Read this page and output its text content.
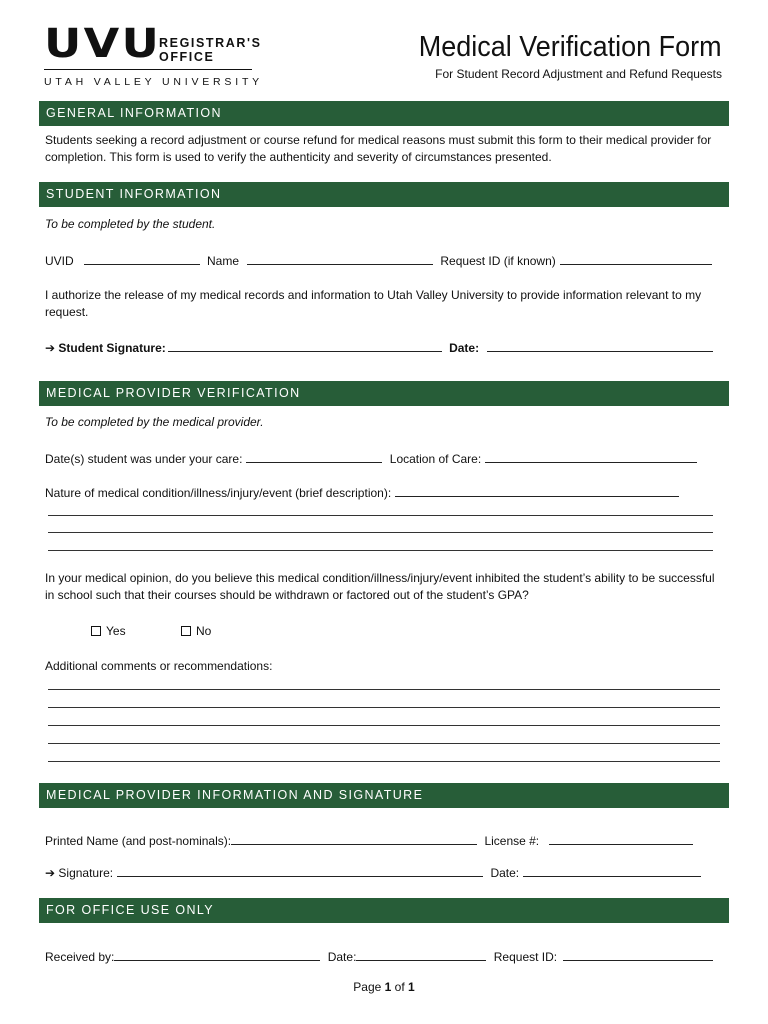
UVU
REGISTRAR'S
OFFICE
UTAH VALLEY UNIVERSITY
Medical Verification Form
For Student Record Adjustment and Refund Requests
GENERAL INFORMATION
Students seeking a record adjustment or course refund for medical reasons must submit this form to their medical provider for completion. This form is used to verify the authenticity and severity of circumstances presented.
STUDENT INFORMATION
To be completed by the student.
UVID	Name	Request ID (if known)
I authorize the release of my medical records and information to Utah Valley University to provide information relevant to my request.
➔ Student Signature:	Date:
MEDICAL PROVIDER VERIFICATION
To be completed by the medical provider.
Date(s) student was under your care:	Location of Care:
Nature of medical condition/illness/injury/event (brief description):
In your medical opinion, do you believe this medical condition/illness/injury/event inhibited the student’s ability to be successful in school such that their courses should be withdrawn or factored out of the student’s GPA?
Yes	No
Additional comments or recommendations:
MEDICAL PROVIDER INFORMATION AND SIGNATURE
Printed Name (and post-nominals):	License #:
➔ Signature:	Date:
FOR OFFICE USE ONLY
Received by:	Date:	Request ID:
Page 1 of 1
